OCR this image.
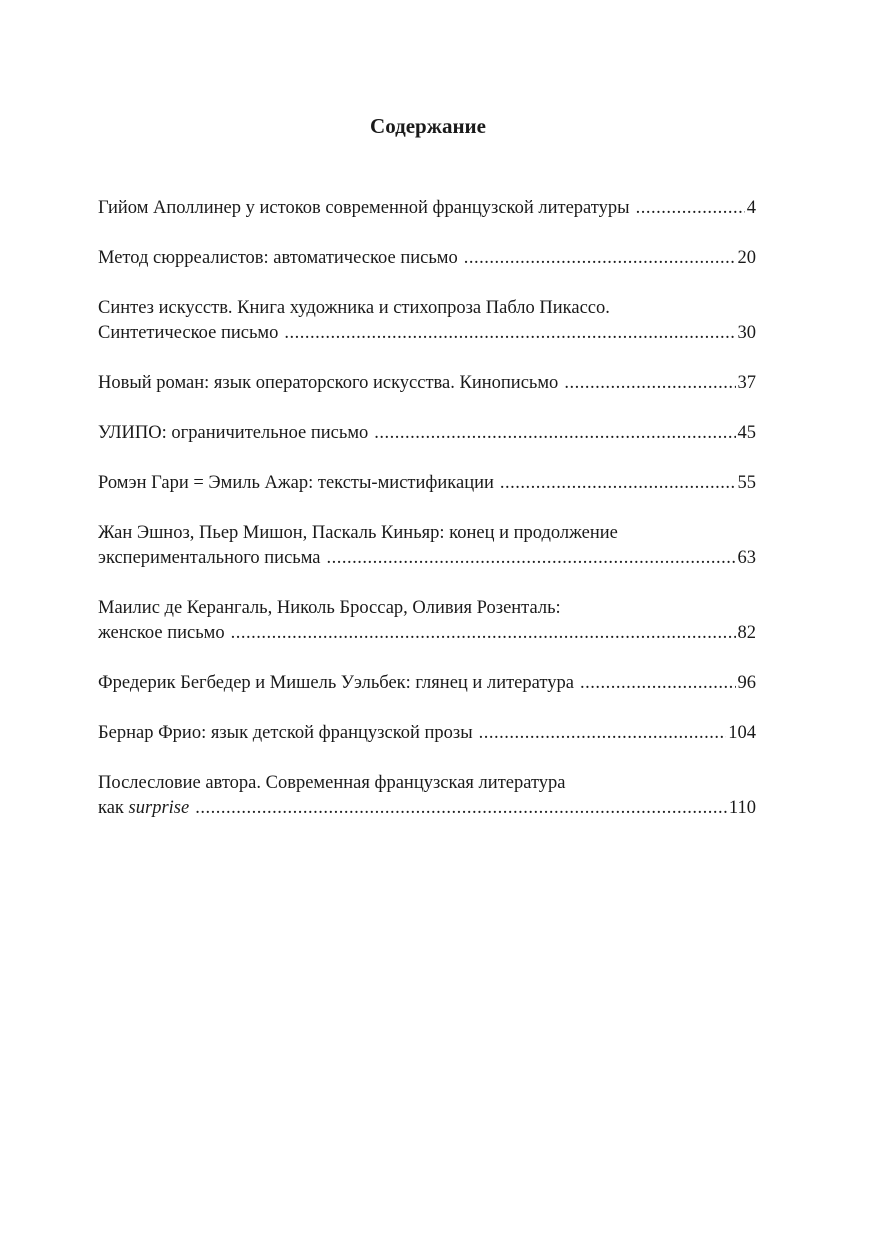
Содержание
Гийом Аполлинер у истоков современной французской литературы .....	4
Метод сюрреалистов: автоматическое письмо .....	20
Синтез искусств. Книга художника и стихопроза Пабло Пикассо.
Синтетическое письмо .....	30
Новый роман: язык операторского искусства. Кинописьмо .....	37
УЛИПО: ограничительное письмо .....	45
Ромэн Гари = Эмиль Ажар: тексты-мистификации .....	55
Жан Эшноз, Пьер Мишон, Паскаль Киньяр: конец и продолжение
экспериментального письма .....	63
Маилис де Керангаль, Николь Броссар, Оливия Розенталь:
женское письмо .....	82
Фредерик Бегбедер и Мишель Уэльбек: глянец и литература .....	96
Бернар Фрио: язык детской французской прозы .....	104
Послесловие автора. Современная французская литература
как surprise .....	110
